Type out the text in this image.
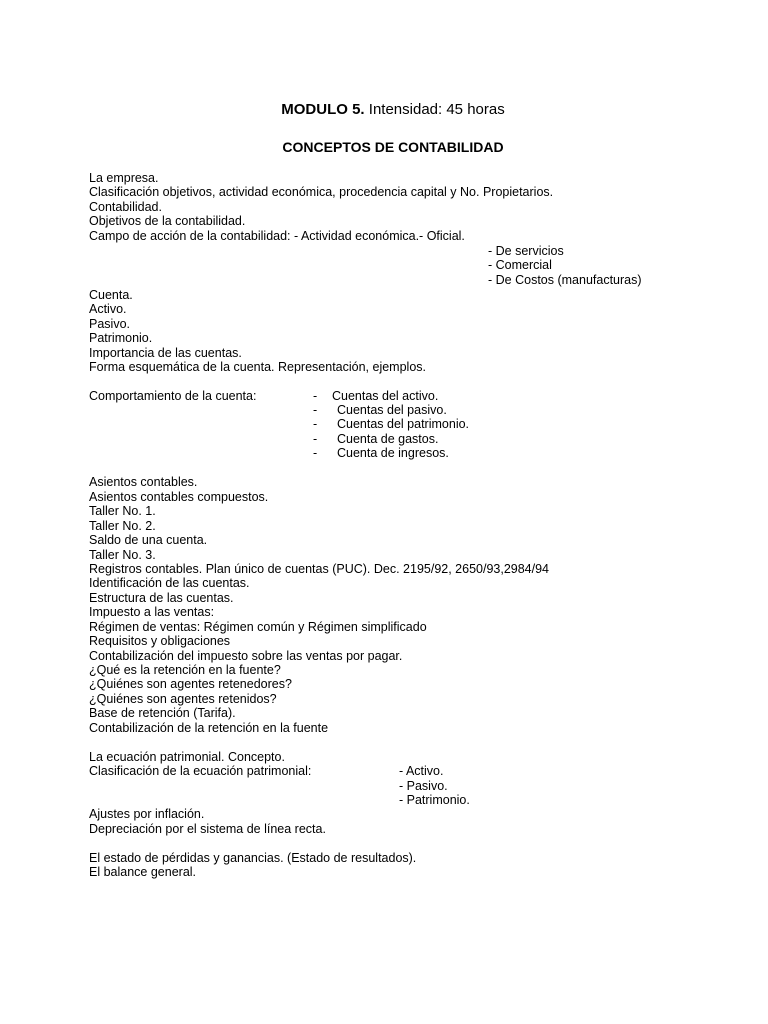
MODULO 5. Intensidad: 45 horas
CONCEPTOS DE CONTABILIDAD
La empresa.
Clasificación objetivos, actividad económica, procedencia capital y No. Propietarios.
Contabilidad.
Objetivos de la contabilidad.
Campo de acción de la contabilidad: - Actividad económica.- Oficial.
- De servicios
- Comercial
- De Costos (manufacturas)
Cuenta.
Activo.
Pasivo.
Patrimonio.
Importancia de las cuentas.
Forma esquemática de la cuenta. Representación, ejemplos.
Comportamiento de la cuenta:	- Cuentas del activo.
- Cuentas del pasivo.
- Cuentas del patrimonio.
- Cuenta de gastos.
- Cuenta de ingresos.
Asientos contables.
Asientos contables compuestos.
Taller No. 1.
Taller No. 2.
Saldo de una cuenta.
Taller No. 3.
Registros contables. Plan único de cuentas (PUC). Dec. 2195/92, 2650/93,2984/94
Identificación de las cuentas.
Estructura de las cuentas.
Impuesto a las ventas:
Régimen de ventas: Régimen común y Régimen simplificado
Requisitos y obligaciones
Contabilización del impuesto sobre las ventas por pagar.
¿Qué es la retención en la fuente?
¿Quiénes son agentes retenedores?
¿Quiénes son agentes retenidos?
Base de retención (Tarifa).
Contabilización de la retención en la fuente
La ecuación patrimonial. Concepto.
Clasificación de la ecuación patrimonial:	- Activo.
- Pasivo.
- Patrimonio.
Ajustes por inflación.
Depreciación por el sistema de línea recta.
El estado de pérdidas y ganancias. (Estado de resultados).
El balance general.
